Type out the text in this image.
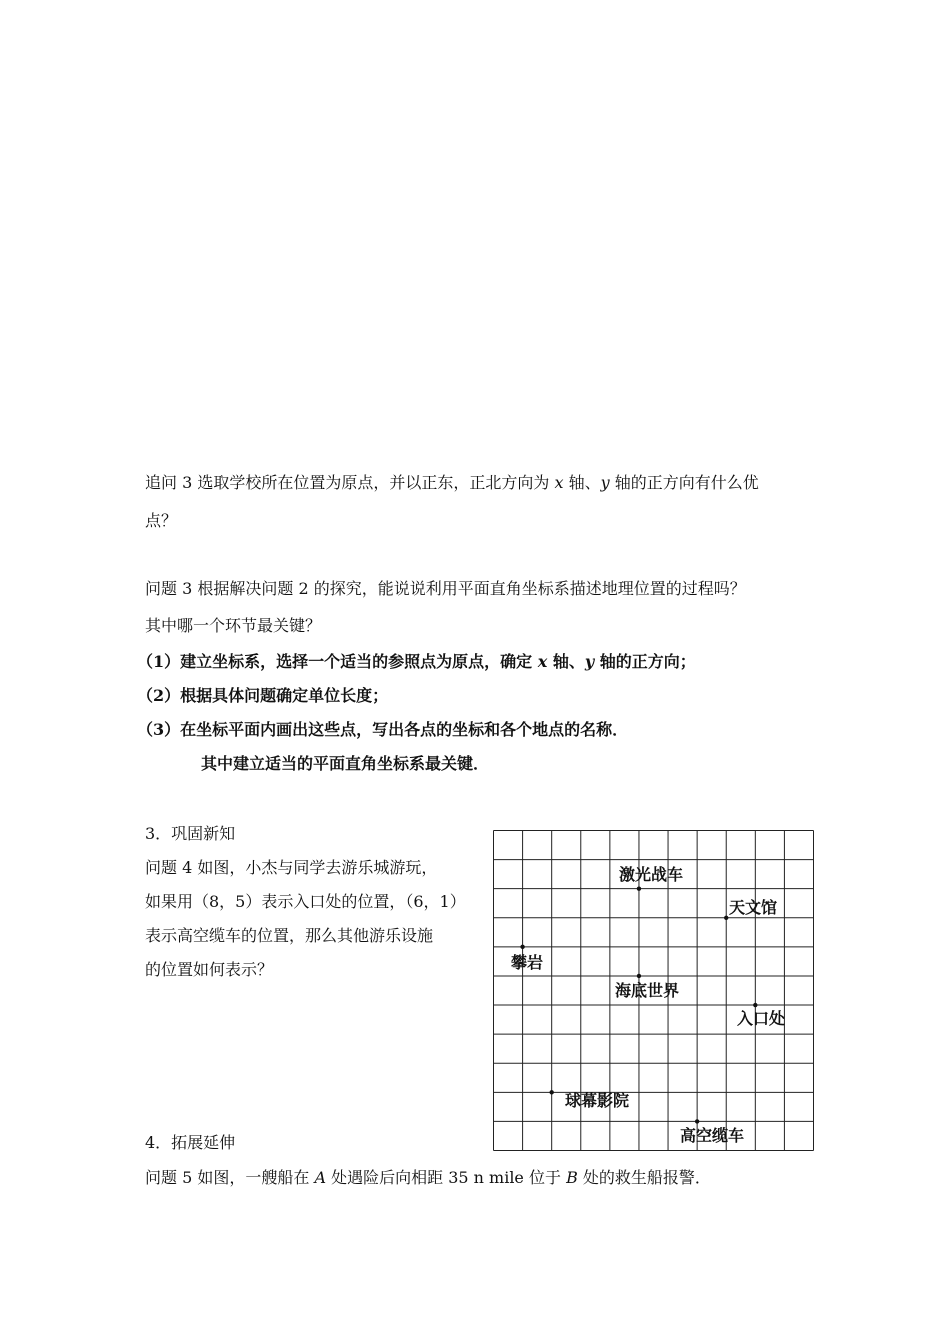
追问 3 选取学校所在位置为原点，并以正东，正北方向为 x 轴、y 轴的正方向有什么优
点？
问题 3 根据解决问题 2 的探究，能说说利用平面直角坐标系描述地理位置的过程吗？
其中哪一个环节最关键？
（1）建立坐标系，选择一个适当的参照点为原点，确定 x 轴、y 轴的正方向；
（2）根据具体问题确定单位长度；
（3）在坐标平面内画出这些点，写出各点的坐标和各个地点的名称．
其中建立适当的平面直角坐标系最关键．
3．巩固新知
问题 4 如图，小杰与同学去游乐城游玩，
如果用（8，5）表示入口处的位置，（6，1）
表示高空缆车的位置，那么其他游乐设施
的位置如何表示？
激光战车
天文馆
攀岩
海底世界
入口处
球幕影院
高空缆车
4．拓展延伸
问题 5 如图，一艘船在 A 处遇险后向相距 35 n mile 位于 B 处的救生船报警．
